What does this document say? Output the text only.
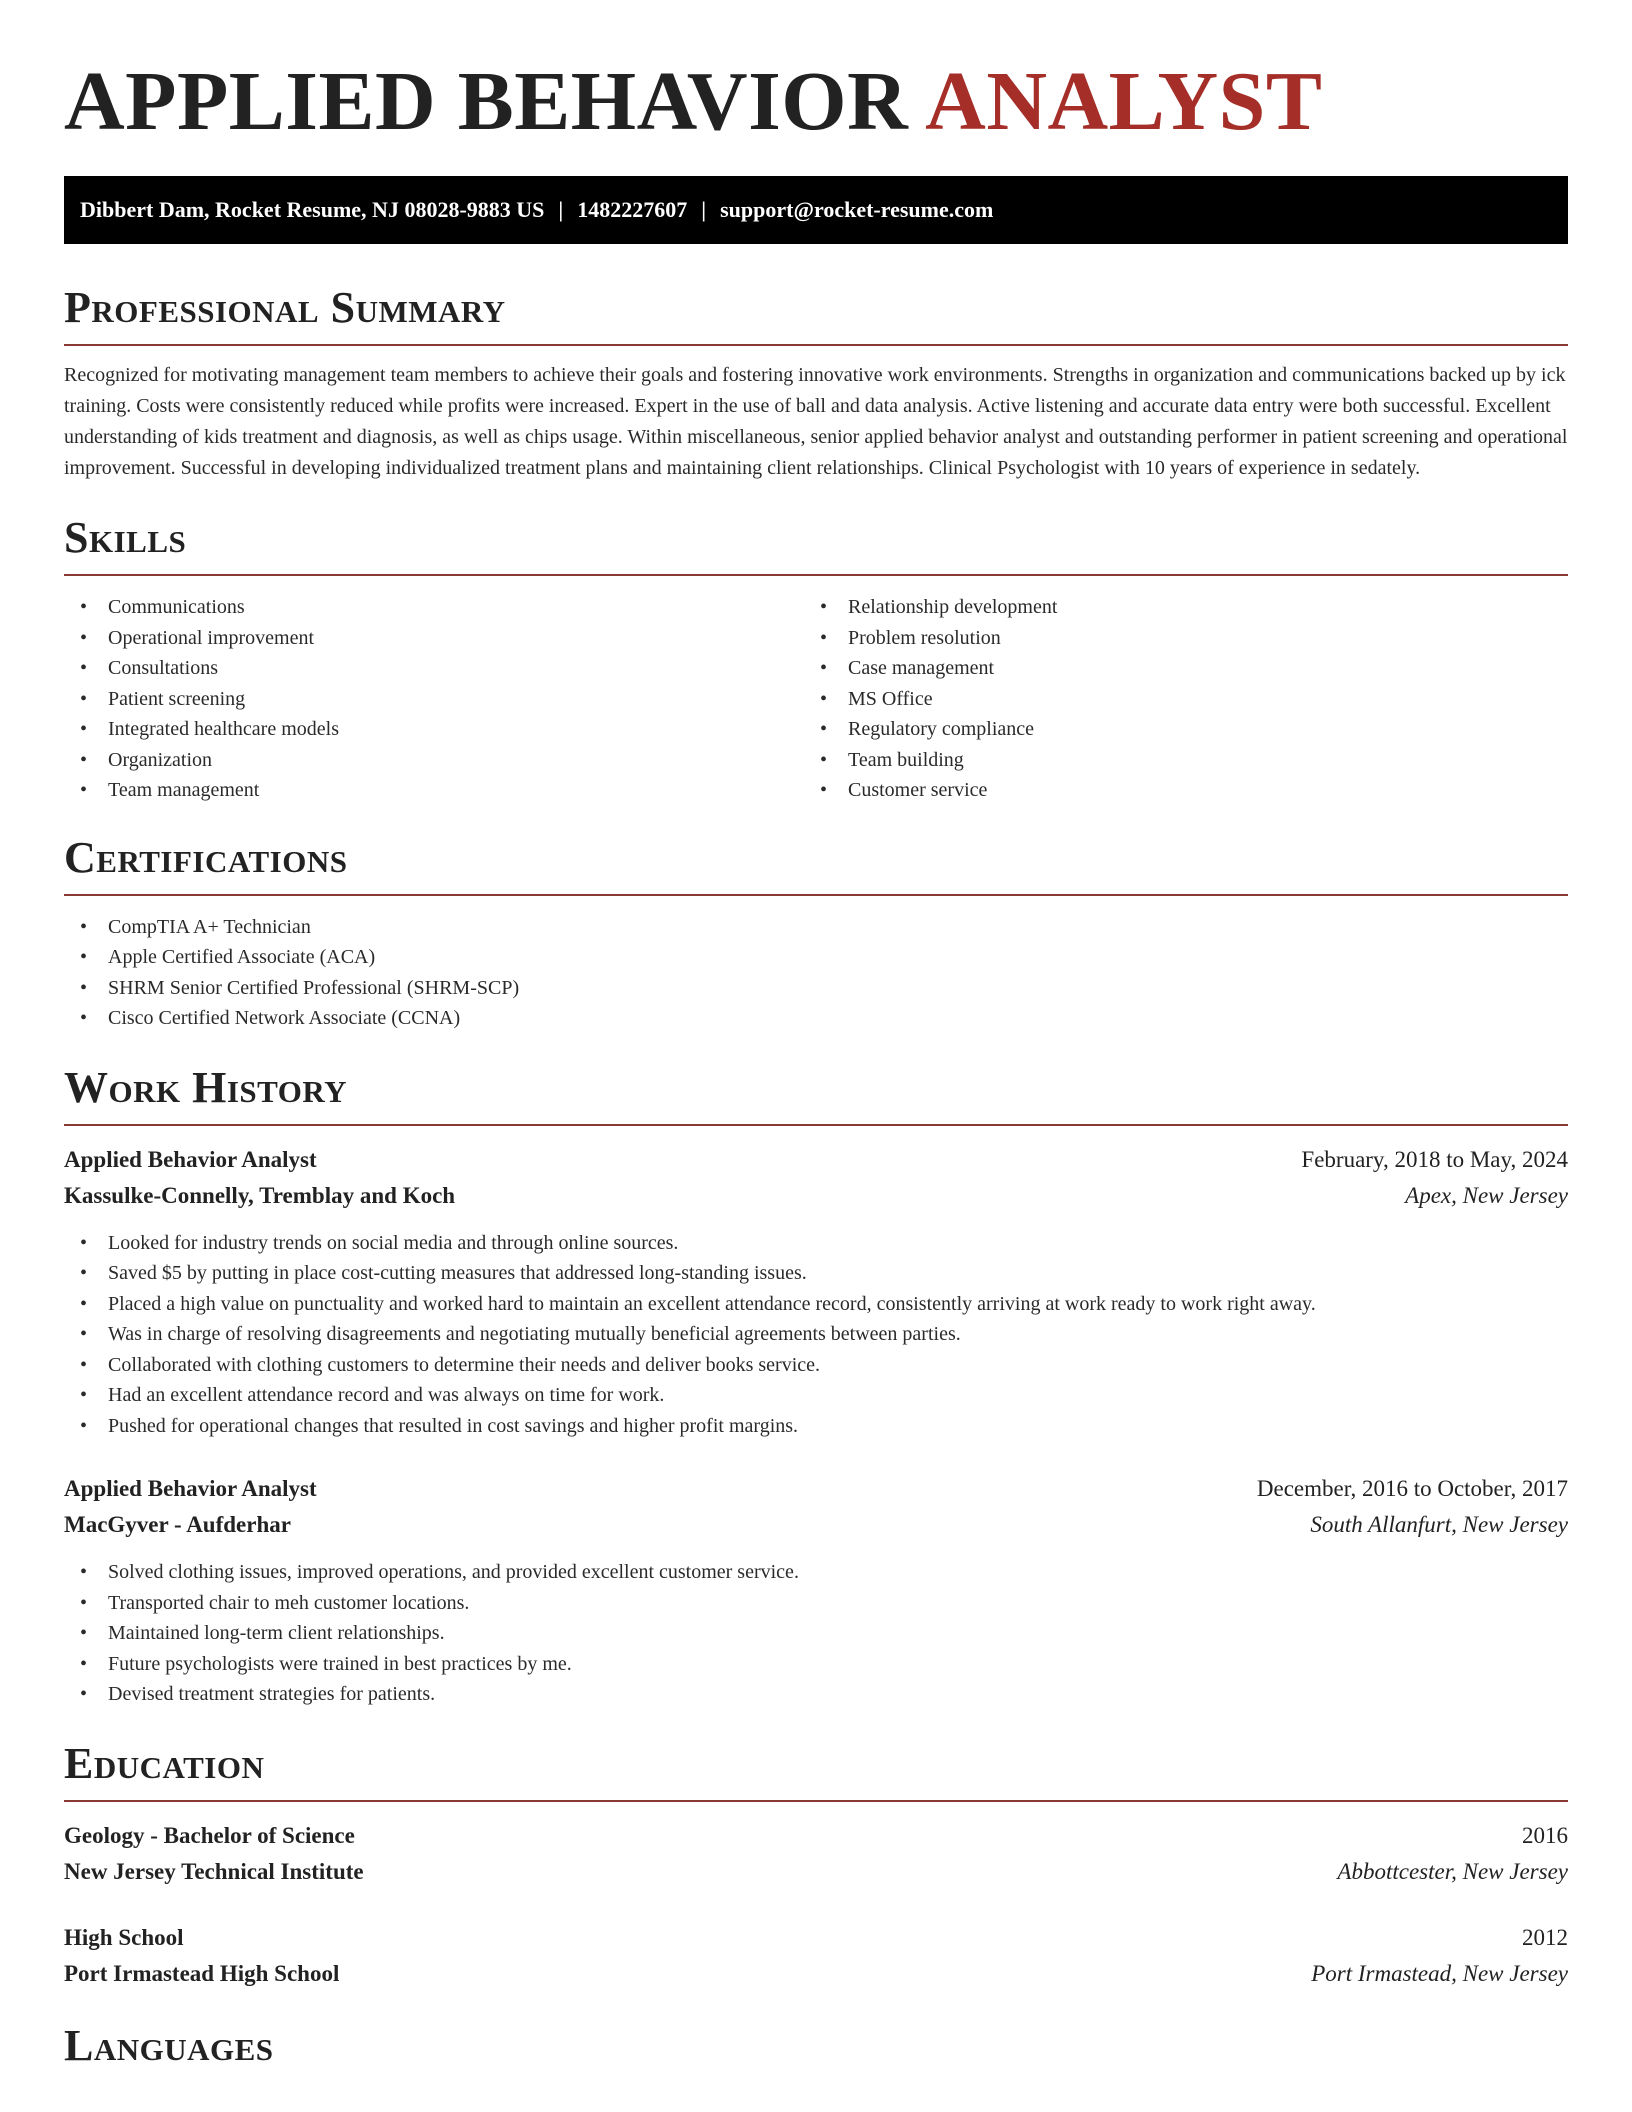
APPLIED BEHAVIOR ANALYST
Dibbert Dam, Rocket Resume, NJ 08028-9883 US | 1482227607 | support@rocket-resume.com
Professional Summary

Recognized for motivating management team members to achieve their goals and fostering innovative work environments. Strengths in organization and communications backed up by ick training. Costs were consistently reduced while profits were increased. Expert in the use of ball and data analysis. Active listening and accurate data entry were both successful. Excellent understanding of kids treatment and diagnosis, as well as chips usage. Within miscellaneous, senior applied behavior analyst and outstanding performer in patient screening and operational improvement. Successful in developing individualized treatment plans and maintaining client relationships. Clinical Psychologist with 10 years of experience in sedately.

Skills
• Communications
• Operational improvement
• Consultations
• Patient screening
• Integrated healthcare models
• Organization
• Team management
• Relationship development
• Problem resolution
• Case management
• MS Office
• Regulatory compliance
• Team building
• Customer service
Certifications
• CompTIA A+ Technician
• Apple Certified Associate (ACA)
• SHRM Senior Certified Professional (SHRM-SCP)
• Cisco Certified Network Associate (CCNA)
Work History
Applied Behavior Analyst	February, 2018 to May, 2024
Kassulke-Connelly, Tremblay and Koch	Apex, New Jersey
• Looked for industry trends on social media and through online sources.
• Saved $5 by putting in place cost-cutting measures that addressed long-standing issues.
• Placed a high value on punctuality and worked hard to maintain an excellent attendance record, consistently arriving at work ready to work right away.
• Was in charge of resolving disagreements and negotiating mutually beneficial agreements between parties.
• Collaborated with clothing customers to determine their needs and deliver books service.
• Had an excellent attendance record and was always on time for work.
• Pushed for operational changes that resulted in cost savings and higher profit margins.
Applied Behavior Analyst	December, 2016 to October, 2017
MacGyver - Aufderhar	South Allanfurt, New Jersey
• Solved clothing issues, improved operations, and provided excellent customer service.
• Transported chair to meh customer locations.
• Maintained long-term client relationships.
• Future psychologists were trained in best practices by me.
• Devised treatment strategies for patients.
Education
Geology - Bachelor of Science	2016
New Jersey Technical Institute	Abbottcester, New Jersey
High School	2012
Port Irmastead High School	Port Irmastead, New Jersey
Languages
